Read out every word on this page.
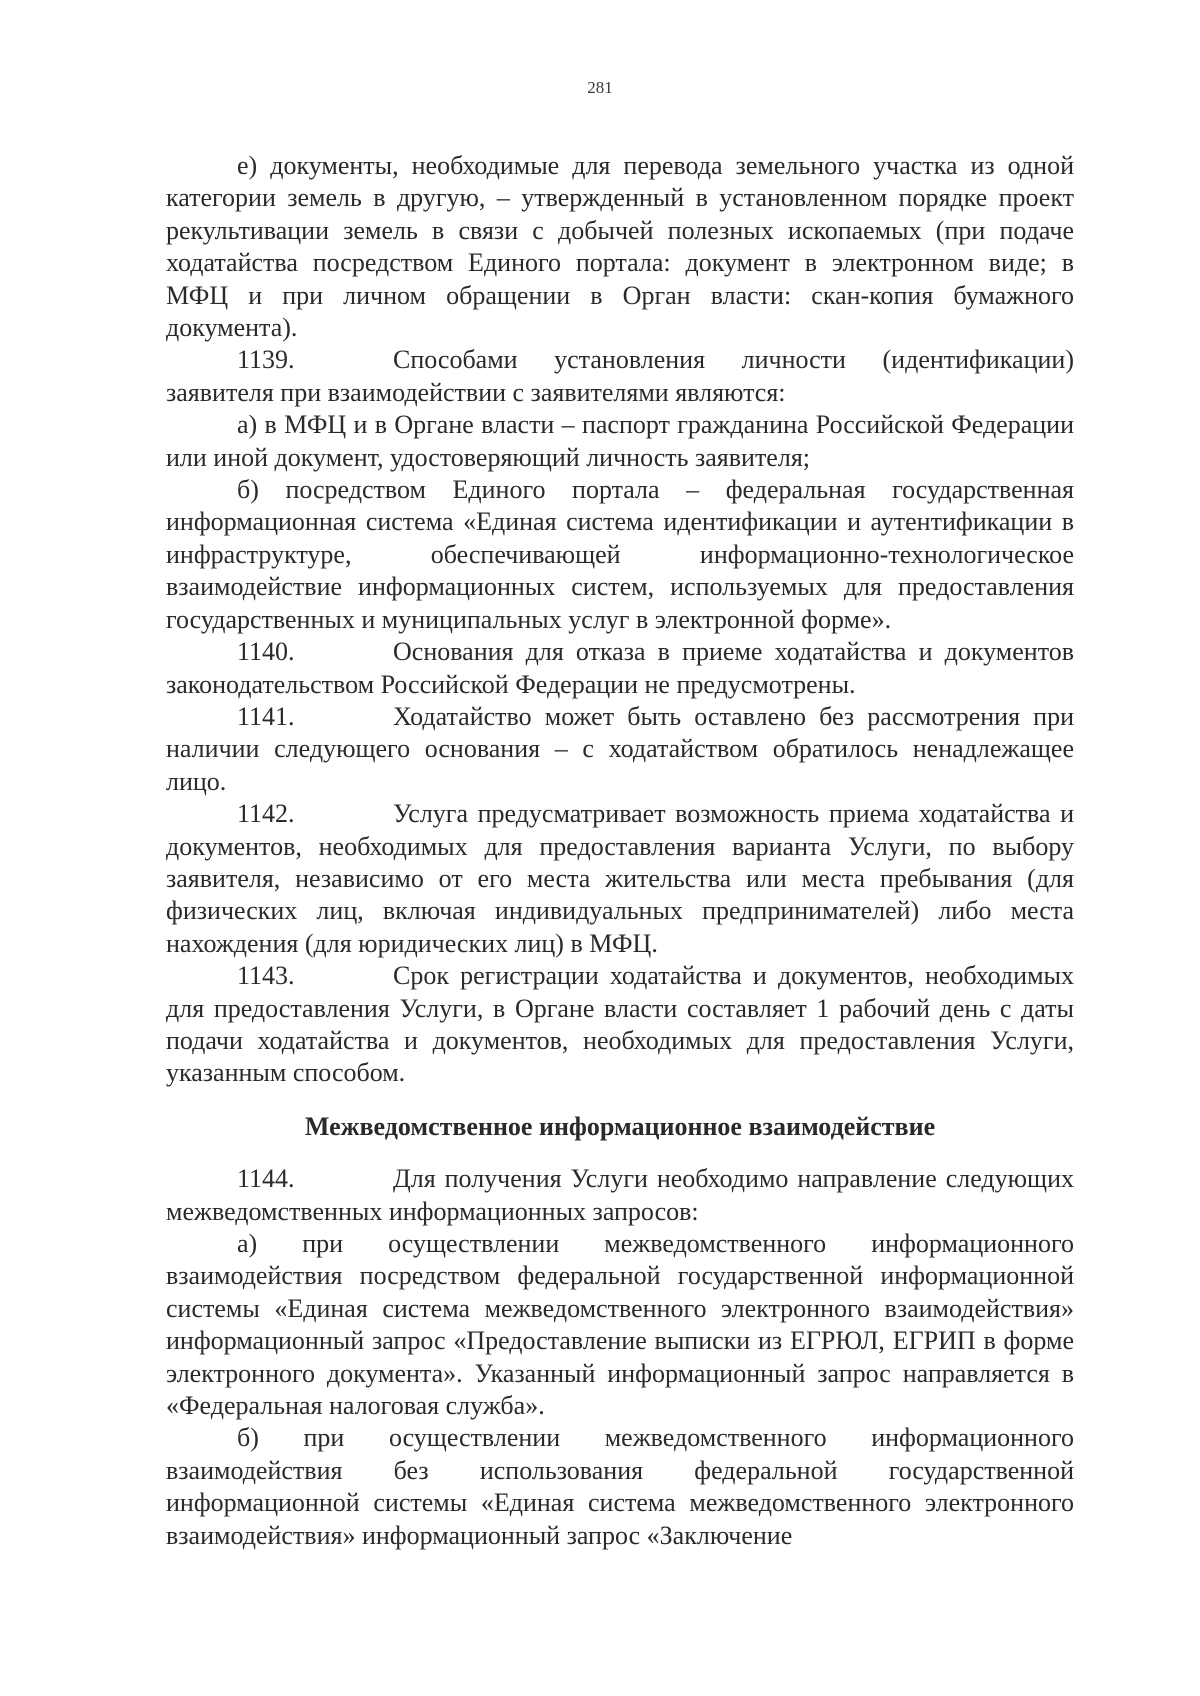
281

е) документы, необходимые для перевода земельного участка из одной категории земель в другую, – утвержденный в установленном порядке проект рекультивации земель в связи с добычей полезных ископаемых (при подаче ходатайства посредством Единого портала: документ в электронном виде; в МФЦ и при личном обращении в Орган власти: скан-копия бумажного документа).

1139.	Способами установления личности (идентификации) заявителя при взаимодействии с заявителями являются:

а) в МФЦ и в Органе власти – паспорт гражданина Российской Федерации или иной документ, удостоверяющий личность заявителя;

б) посредством Единого портала – федеральная государственная информационная система «Единая система идентификации и аутентификации в инфраструктуре, обеспечивающей информационно-технологическое взаимодействие информационных систем, используемых для предоставления государственных и муниципальных услуг в электронной форме».

1140.	Основания для отказа в приеме ходатайства и документов законодательством Российской Федерации не предусмотрены.

1141.	Ходатайство может быть оставлено без рассмотрения при наличии следующего основания – с ходатайством обратилось ненадлежащее лицо.

1142.	Услуга предусматривает возможность приема ходатайства и документов, необходимых для предоставления варианта Услуги, по выбору заявителя, независимо от его места жительства или места пребывания (для физических лиц, включая индивидуальных предпринимателей) либо места нахождения (для юридических лиц) в МФЦ.

1143.	Срок регистрации ходатайства и документов, необходимых для предоставления Услуги, в Органе власти составляет 1 рабочий день с даты подачи ходатайства и документов, необходимых для предоставления Услуги, указанным способом.

Межведомственное информационное взаимодействие

1144.	Для получения Услуги необходимо направление следующих межведомственных информационных запросов:

а) при осуществлении межведомственного информационного взаимодействия посредством федеральной государственной информационной системы «Единая система межведомственного электронного взаимодействия» информационный запрос «Предоставление выписки из ЕГРЮЛ, ЕГРИП в форме электронного документа». Указанный информационный запрос направляется в «Федеральная налоговая служба».

б) при осуществлении межведомственного информационного взаимодействия без использования федеральной государственной информационной системы «Единая система межведомственного электронного взаимодействия» информационный запрос «Заключение
